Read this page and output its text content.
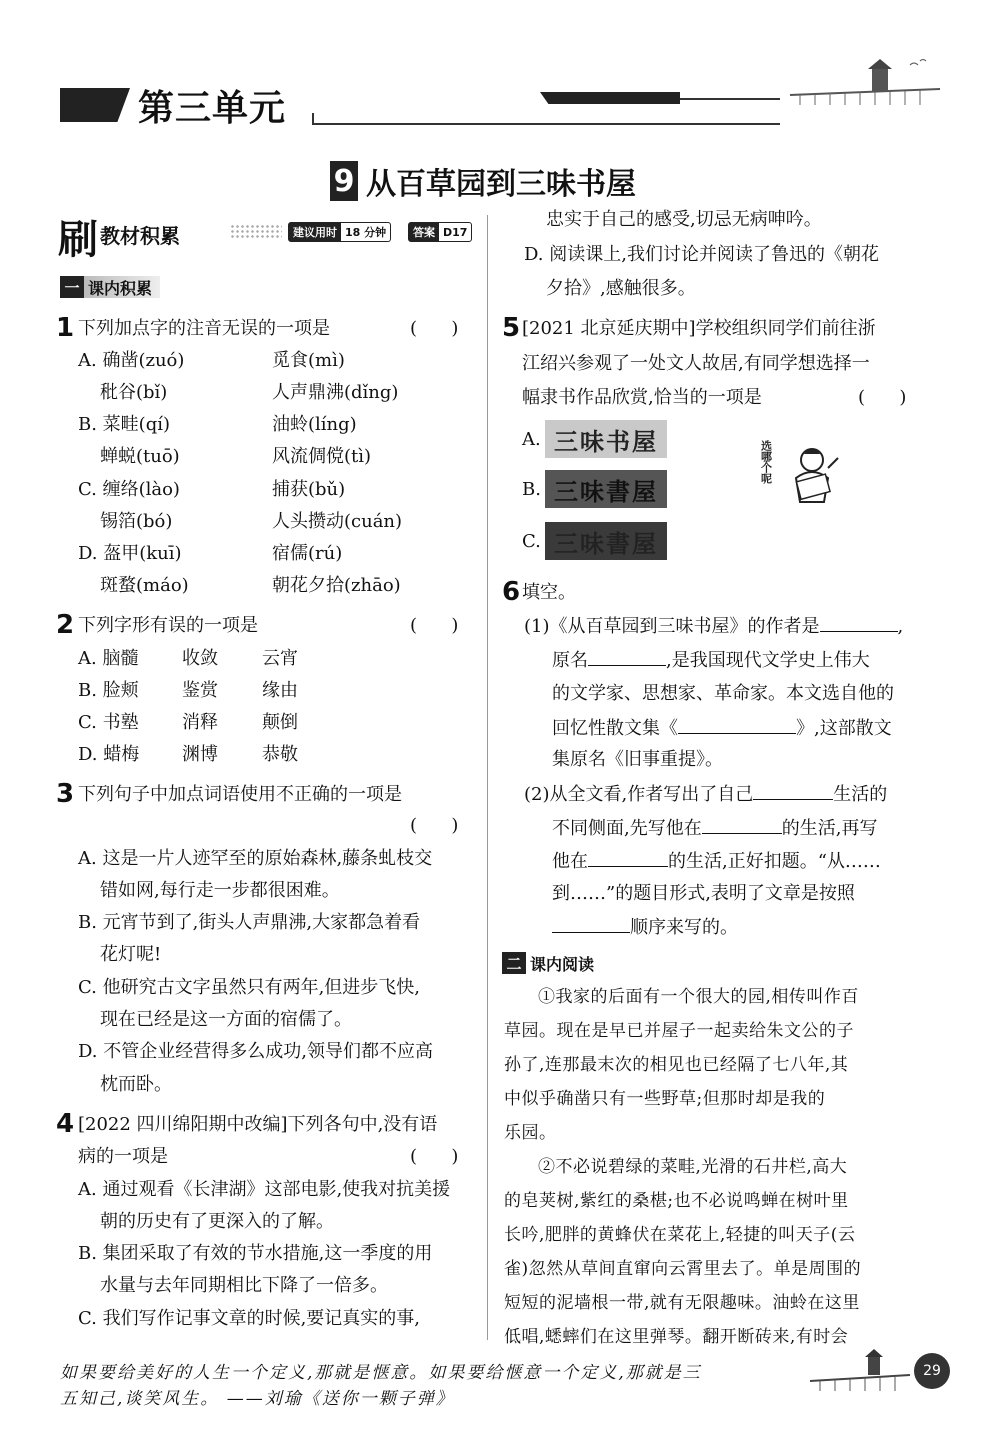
第三单元
9 从百草园到三味书屋
刷 教材积累	建议用时 18 分钟	答案 D17
一 课内积累
1 下列加点字的注音无误的一项是	(      )
A. 确凿(zuó)	觅食(mì)
秕谷(bǐ)	人声鼎沸(dǐng)
B. 菜畦(qí)	油蛉(líng)
蝉蜕(tuō)	风流倜傥(tì)
C. 缠络(lào)	捕获(bǔ)
锡箔(bó)	人头攒动(cuán)
D. 盔甲(kuī)	宿儒(rú)
斑蝥(máo)	朝花夕拾(zhāo)
2 下列字形有误的一项是	(      )
A. 脑髓 收敛 云宵
B. 脸颊 鉴赏 缘由
C. 书塾 消释 颠倒
D. 蜡梅 渊博 恭敬
3 下列句子中加点词语使用不正确的一项是
(      )
A. 这是一片人迹罕至的原始森林,藤条虬枝交
错如网,每行走一步都很困难。
B. 元宵节到了,街头人声鼎沸,大家都急着看
花灯呢!
C. 他研究古文字虽然只有两年,但进步飞快,
现在已经是这一方面的宿儒了。
D. 不管企业经营得多么成功,领导们都不应高
枕而卧。
4 [2022 四川绵阳期中改编]下列各句中,没有语
病的一项是	(      )
A. 通过观看《长津湖》这部电影,使我对抗美援
朝的历史有了更深入的了解。
B. 集团采取了有效的节水措施,这一季度的用
水量与去年同期相比下降了一倍多。
C. 我们写作记事文章的时候,要记真实的事,
忠实于自己的感受,切忌无病呻吟。
D. 阅读课上,我们讨论并阅读了鲁迅的《朝花
夕拾》,感触很多。
5 [2021 北京延庆期中]学校组织同学们前往浙
江绍兴参观了一处文人故居,有同学想选择一
幅隶书作品欣赏,恰当的一项是	(      )
A. 三味书屋
B. 三味書屋
C. 三味書屋
选哪个呢
6 填空。
(1)《从百草园到三味书屋》的作者是	,
原名	,是我国现代文学史上伟大
的文学家、思想家、革命家。本文选自他的
回忆性散文集《	》,这部散文
集原名《旧事重提》。
(2)从全文看,作者写出了自己	生活的
不同侧面,先写他在	的生活,再写
他在	的生活,正好扣题。“从……
到……”的题目形式,表明了文章是按照
顺序来写的。
二 课内阅读
①我家的后面有一个很大的园,相传叫作百
草园。现在是早已并屋子一起卖给朱文公的子
孙了,连那最末次的相见也已经隔了七八年,其
中似乎确凿只有一些野草;但那时却是我的
乐园。
②不必说碧绿的菜畦,光滑的石井栏,高大
的皂荚树,紫红的桑椹;也不必说鸣蝉在树叶里
长吟,肥胖的黄蜂伏在菜花上,轻捷的叫天子(云
雀)忽然从草间直窜向云霄里去了。单是周围的
短短的泥墙根一带,就有无限趣味。油蛉在这里
低唱,蟋蟀们在这里弹琴。翻开断砖来,有时会
如果要给美好的人生一个定义,那就是惬意。如果要给惬意一个定义,那就是三
五知己,谈笑风生。 ——刘瑜《送你一颗子弹》
29
